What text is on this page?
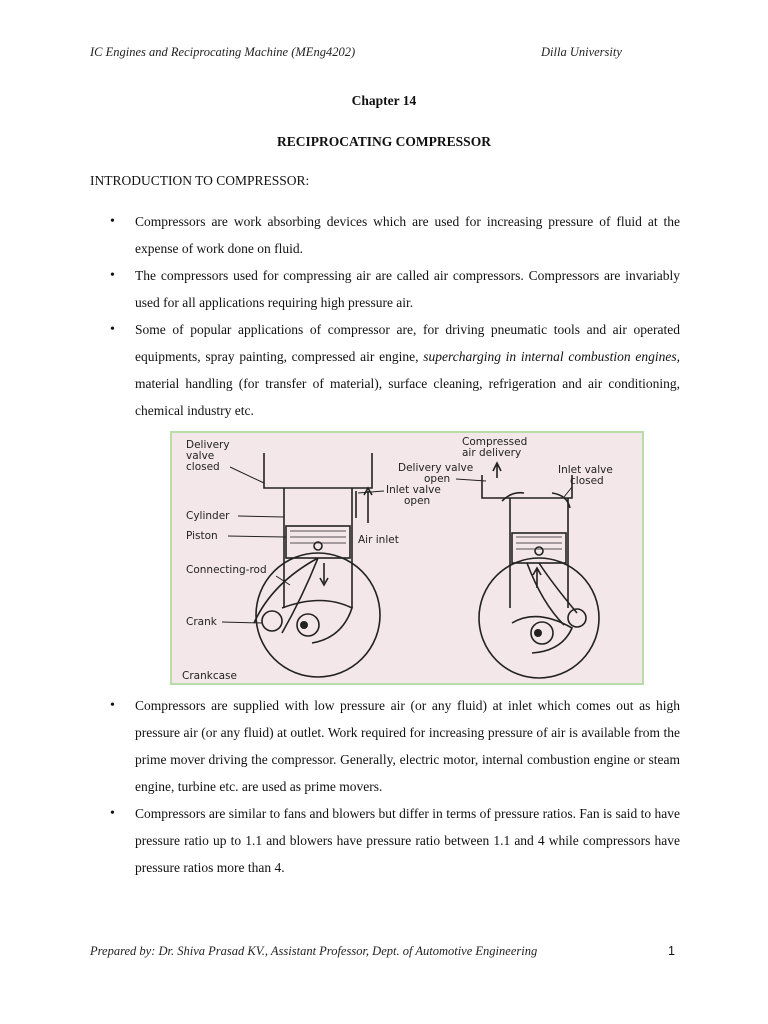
IC Engines and Reciprocating Machine (MEng4202)	Dilla University
Chapter 14
RECIPROCATING COMPRESSOR
INTRODUCTION TO COMPRESSOR:
• Compressors are work absorbing devices which are used for increasing pressure of fluid at the expense of work done on fluid.
• The compressors used for compressing air are called air compressors. Compressors are invariably used for all applications requiring high pressure air.
• Some of popular applications of compressor are, for driving pneumatic tools and air operated equipments, spray painting, compressed air engine, supercharging in internal combustion engines, material handling (for transfer of material), surface cleaning, refrigeration and air conditioning, chemical industry etc.
Delivery
valve
closed
Cylinder
Piston
Connecting-rod
Crank
Crankcase
Air inlet
Delivery valve
open
Inlet valve
open
Compressed
air delivery
Inlet valve
closed
• Compressors are supplied with low pressure air (or any fluid) at inlet which comes out as high pressure air (or any fluid) at outlet. Work required for increasing pressure of air is available from the prime mover driving the compressor. Generally, electric motor, internal combustion engine or steam engine, turbine etc. are used as prime movers.
• Compressors are similar to fans and blowers but differ in terms of pressure ratios. Fan is said to have pressure ratio up to 1.1 and blowers have pressure ratio between 1.1 and 4 while compressors have pressure ratios more than 4.
Prepared by: Dr. Shiva Prasad KV., Assistant Professor, Dept. of Automotive Engineering	1
